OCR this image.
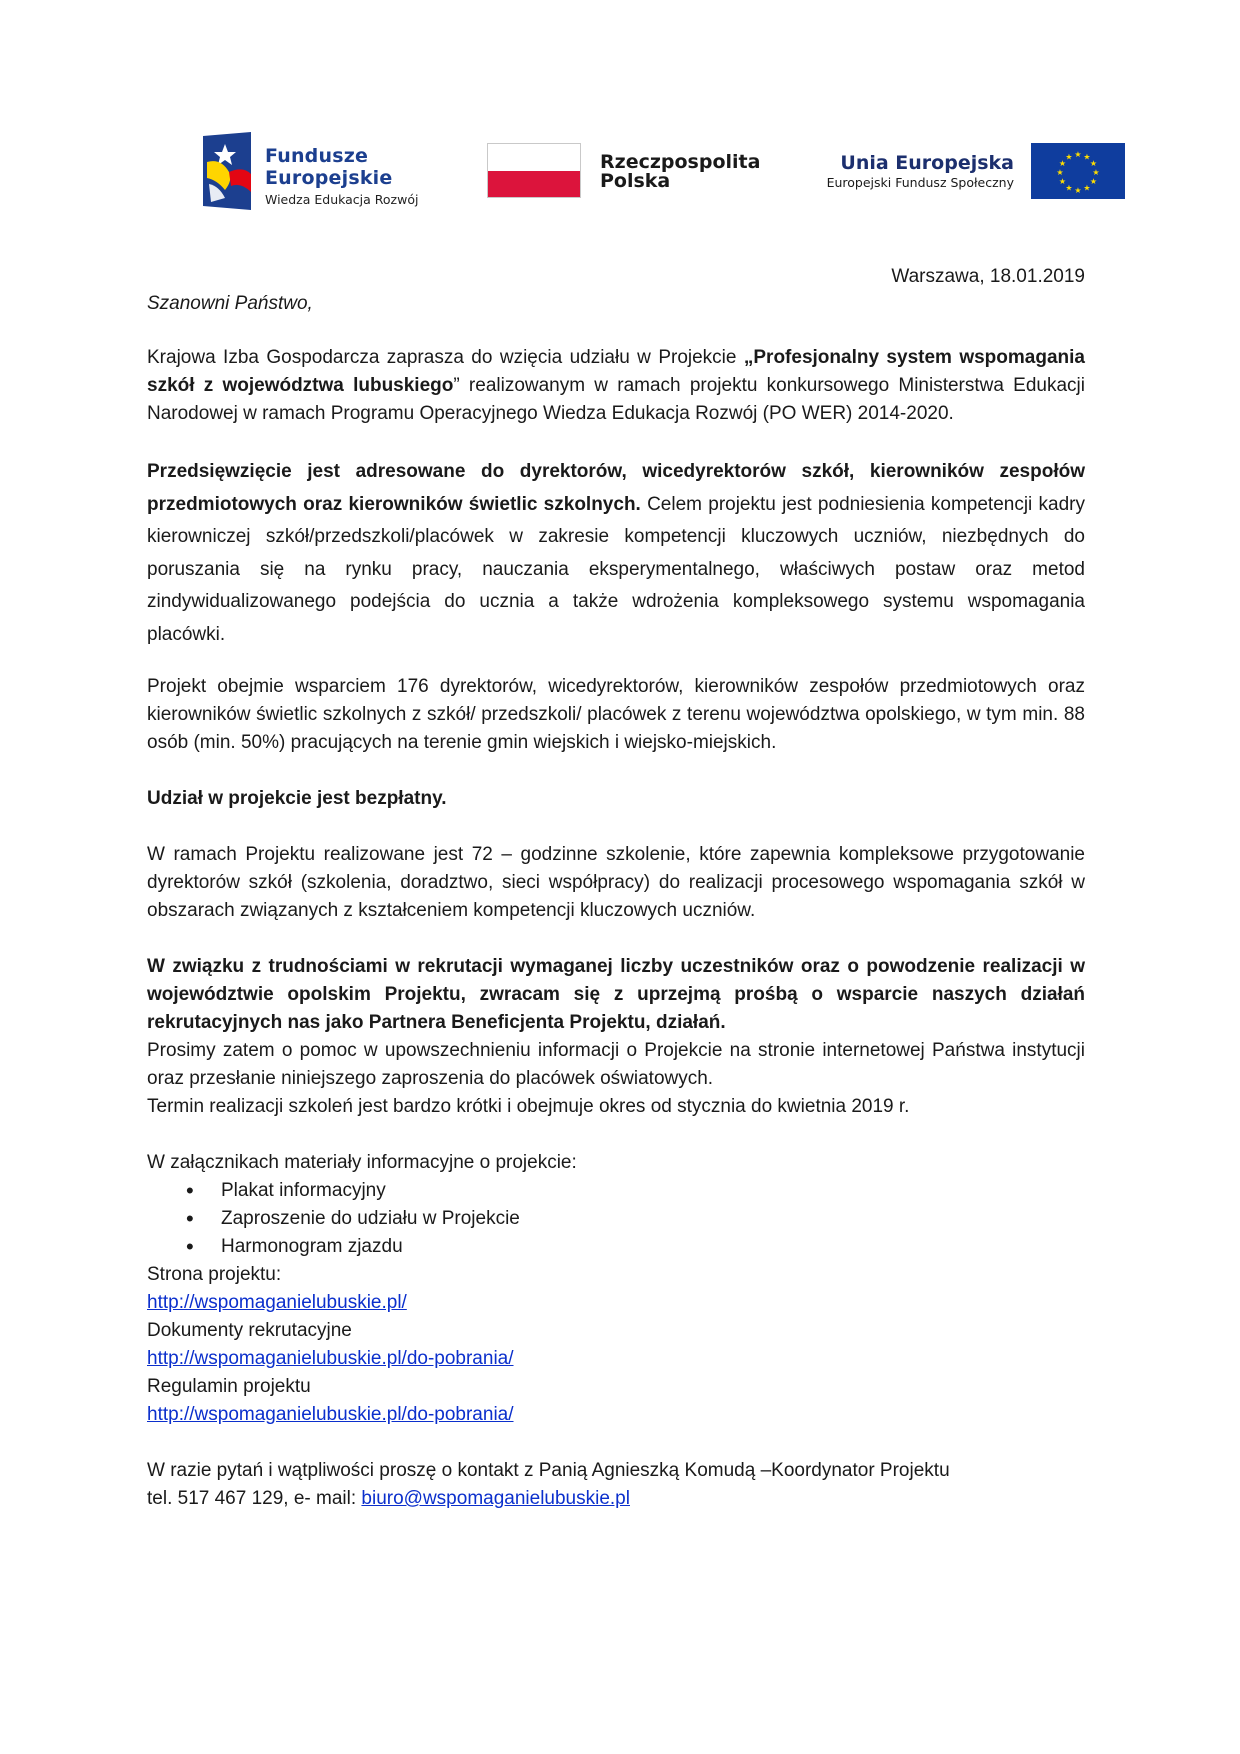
Fundusze
Europejskie
Wiedza Edukacja Rozwój
Rzeczpospolita
Polska
Unia Europejska
Europejski Fundusz Społeczny
★ ★
★
★
★
★
★
★
★
★
★
★

Warszawa, 18.01.2019

Szanowni Państwo,

Krajowa Izba Gospodarcza zaprasza do wzięcia udziału w Projekcie „Profesjonalny system wspomagania szkół z województwa lubuskiego” realizowanym w ramach projektu konkursowego Ministerstwa Edukacji Narodowej w ramach Programu Operacyjnego Wiedza Edukacja Rozwój (PO WER) 2014-2020.

Przedsięwzięcie jest adresowane do dyrektorów, wicedyrektorów szkół, kierowników zespołów przedmiotowych oraz kierowników świetlic szkolnych. Celem projektu jest podniesienia kompetencji kadry kierowniczej szkół/przedszkoli/placówek w zakresie kompetencji kluczowych uczniów, niezbędnych do poruszania się na rynku pracy, nauczania eksperymentalnego, właściwych postaw oraz metod zindywidualizowanego podejścia do ucznia a także wdrożenia kompleksowego systemu wspomagania placówki.

Projekt obejmie wsparciem 176 dyrektorów, wicedyrektorów, kierowników zespołów przedmiotowych oraz kierowników świetlic szkolnych z szkół/ przedszkoli/ placówek z terenu województwa opolskiego, w tym min. 88 osób (min. 50%) pracujących na terenie gmin wiejskich i wiejsko-miejskich.

Udział w projekcie jest bezpłatny.

W ramach Projektu realizowane jest 72 – godzinne szkolenie, które zapewnia kompleksowe przygotowanie dyrektorów szkół (szkolenia, doradztwo, sieci współpracy) do realizacji procesowego wspomagania szkół w obszarach związanych z kształceniem kompetencji kluczowych uczniów.

W związku z trudnościami w rekrutacji wymaganej liczby uczestników oraz o powodzenie realizacji w województwie opolskim Projektu, zwracam się z uprzejmą prośbą o wsparcie naszych działań rekrutacyjnych nas jako Partnera Beneficjenta Projektu, działań.

Prosimy zatem o pomoc w upowszechnieniu informacji o Projekcie na stronie internetowej Państwa instytucji oraz przesłanie niniejszego zaproszenia do placówek oświatowych.

Termin realizacji szkoleń jest bardzo krótki i obejmuje okres od stycznia do kwietnia 2019 r.

W załącznikach materiały informacyjne o projekcie:

• Plakat informacyjny
• Zaproszenie do udziału w Projekcie
• Harmonogram zjazdu

Strona projektu:

http://wspomaganielubuskie.pl/

Dokumenty rekrutacyjne

http://wspomaganielubuskie.pl/do-pobrania/

Regulamin projektu

http://wspomaganielubuskie.pl/do-pobrania/

W razie pytań i wątpliwości proszę o kontakt z Panią Agnieszką Komudą –Koordynator Projektu

tel. 517 467 129, e- mail: biuro@wspomaganielubuskie.pl
